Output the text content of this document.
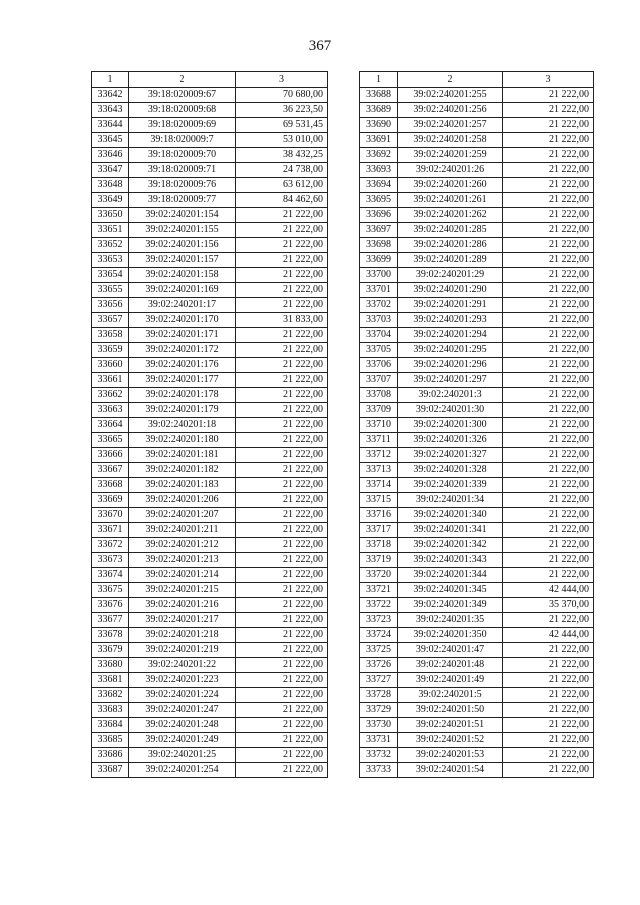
367
1	2	3
33642	39:18:020009:67	70 680,00
33643	39:18:020009:68	36 223,50
33644	39:18:020009:69	69 531,45
33645	39:18:020009:7	53 010,00
33646	39:18:020009:70	38 432,25
33647	39:18:020009:71	24 738,00
33648	39:18:020009:76	63 612,00
33649	39:18:020009:77	84 462,60
33650	39:02:240201:154	21 222,00
33651	39:02:240201:155	21 222,00
33652	39:02:240201:156	21 222,00
33653	39:02:240201:157	21 222,00
33654	39:02:240201:158	21 222,00
33655	39:02:240201:169	21 222,00
33656	39:02:240201:17	21 222,00
33657	39:02:240201:170	31 833,00
33658	39:02:240201:171	21 222,00
33659	39:02:240201:172	21 222,00
33660	39:02:240201:176	21 222,00
33661	39:02:240201:177	21 222,00
33662	39:02:240201:178	21 222,00
33663	39:02:240201:179	21 222,00
33664	39:02:240201:18	21 222,00
33665	39:02:240201:180	21 222,00
33666	39:02:240201:181	21 222,00
33667	39:02:240201:182	21 222,00
33668	39:02:240201:183	21 222,00
33669	39:02:240201:206	21 222,00
33670	39:02:240201:207	21 222,00
33671	39:02:240201:211	21 222,00
33672	39:02:240201:212	21 222,00
33673	39:02:240201:213	21 222,00
33674	39:02:240201:214	21 222,00
33675	39:02:240201:215	21 222,00
33676	39:02:240201:216	21 222,00
33677	39:02:240201:217	21 222,00
33678	39:02:240201:218	21 222,00
33679	39:02:240201:219	21 222,00
33680	39:02:240201:22	21 222,00
33681	39:02:240201:223	21 222,00
33682	39:02:240201:224	21 222,00
33683	39:02:240201:247	21 222,00
33684	39:02:240201:248	21 222,00
33685	39:02:240201:249	21 222,00
33686	39:02:240201:25	21 222,00
33687	39:02:240201:254	21 222,00
1	2	3
33688	39:02:240201:255	21 222,00
33689	39:02:240201:256	21 222,00
33690	39:02:240201:257	21 222,00
33691	39:02:240201:258	21 222,00
33692	39:02:240201:259	21 222,00
33693	39:02:240201:26	21 222,00
33694	39:02:240201:260	21 222,00
33695	39:02:240201:261	21 222,00
33696	39:02:240201:262	21 222,00
33697	39:02:240201:285	21 222,00
33698	39:02:240201:286	21 222,00
33699	39:02:240201:289	21 222,00
33700	39:02:240201:29	21 222,00
33701	39:02:240201:290	21 222,00
33702	39:02:240201:291	21 222,00
33703	39:02:240201:293	21 222,00
33704	39:02:240201:294	21 222,00
33705	39:02:240201:295	21 222,00
33706	39:02:240201:296	21 222,00
33707	39:02:240201:297	21 222,00
33708	39:02:240201:3	21 222,00
33709	39:02:240201:30	21 222,00
33710	39:02:240201:300	21 222,00
33711	39:02:240201:326	21 222,00
33712	39:02:240201:327	21 222,00
33713	39:02:240201:328	21 222,00
33714	39:02:240201:339	21 222,00
33715	39:02:240201:34	21 222,00
33716	39:02:240201:340	21 222,00
33717	39:02:240201:341	21 222,00
33718	39:02:240201:342	21 222,00
33719	39:02:240201:343	21 222,00
33720	39:02:240201:344	21 222,00
33721	39:02:240201:345	42 444,00
33722	39:02:240201:349	35 370,00
33723	39:02:240201:35	21 222,00
33724	39:02:240201:350	42 444,00
33725	39:02:240201:47	21 222,00
33726	39:02:240201:48	21 222,00
33727	39:02:240201:49	21 222,00
33728	39:02:240201:5	21 222,00
33729	39:02:240201:50	21 222,00
33730	39:02:240201:51	21 222,00
33731	39:02:240201:52	21 222,00
33732	39:02:240201:53	21 222,00
33733	39:02:240201:54	21 222,00
